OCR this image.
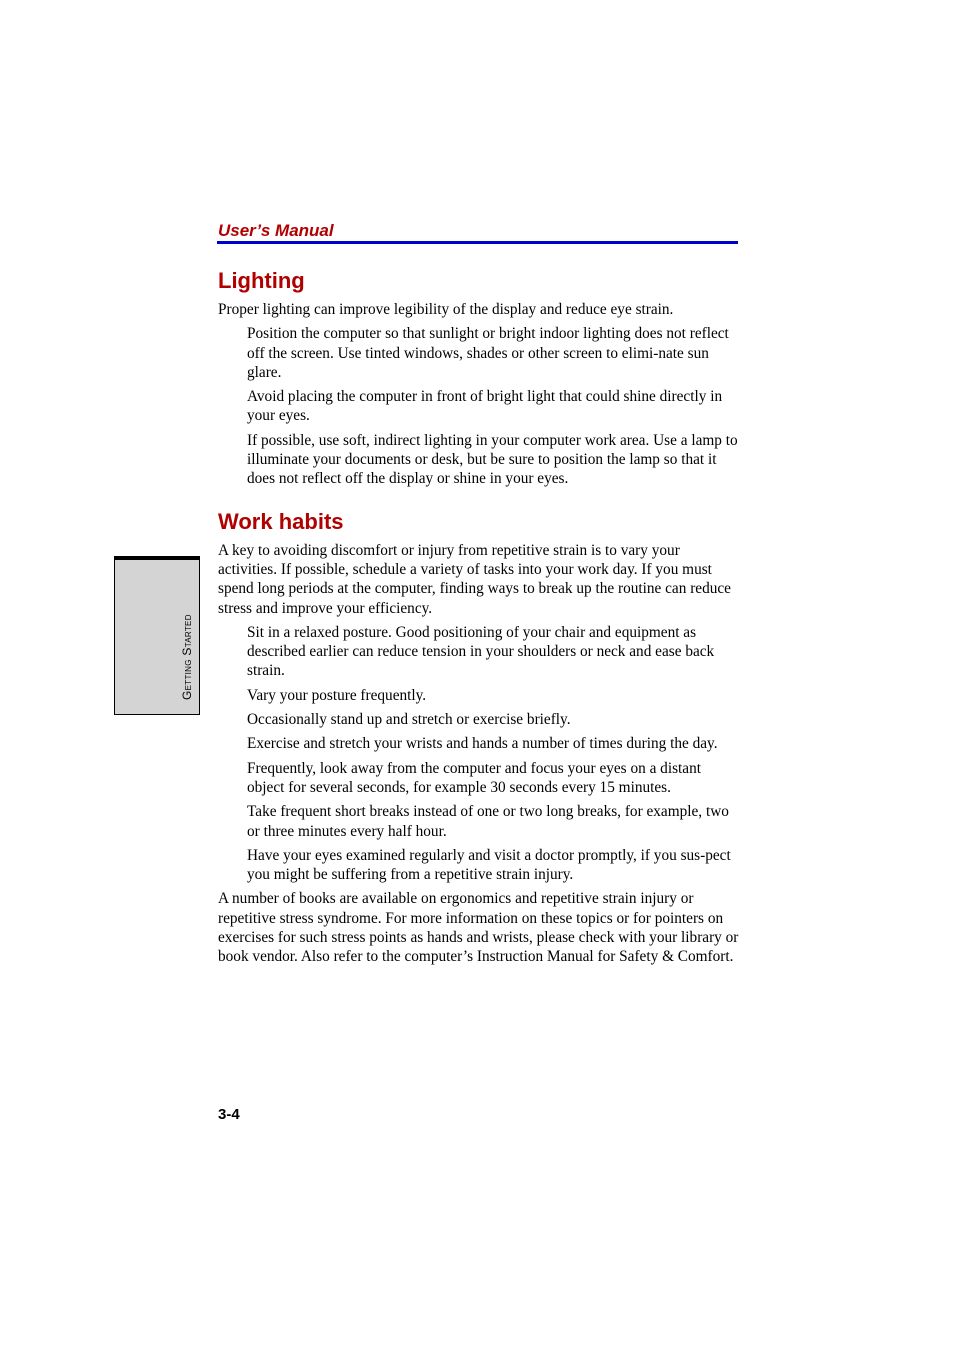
User’s Manual
Getting Started
Lighting

Proper lighting can improve legibility of the display and reduce eye strain.

Position the computer so that sunlight or bright indoor lighting does not reflect off the screen. Use tinted windows, shades or other screen to elimi-nate sun glare.

Avoid placing the computer in front of bright light that could shine directly in your eyes.

If possible, use soft, indirect lighting in your computer work area. Use a lamp to illuminate your documents or desk, but be sure to position the lamp so that it does not reflect off the display or shine in your eyes.

Work habits

A key to avoiding discomfort or injury from repetitive strain is to vary your activities. If possible, schedule a variety of tasks into your work day. If you must spend long periods at the computer, finding ways to break up the routine can reduce stress and improve your efficiency.

Sit in a relaxed posture. Good positioning of your chair and equipment as described earlier can reduce tension in your shoulders or neck and ease back strain.

Vary your posture frequently.

Occasionally stand up and stretch or exercise briefly.

Exercise and stretch your wrists and hands a number of times during the day.

Frequently, look away from the computer and focus your eyes on a distant object for several seconds, for example 30 seconds every 15 minutes.

Take frequent short breaks instead of one or two long breaks, for example, two or three minutes every half hour.

Have your eyes examined regularly and visit a doctor promptly, if you sus-pect you might be suffering from a repetitive strain injury.

A number of books are available on ergonomics and repetitive strain injury or repetitive stress syndrome. For more information on these topics or for pointers on exercises for such stress points as hands and wrists, please check with your library or book vendor. Also refer to the computer’s Instruction Manual for Safety & Comfort.

3-4
